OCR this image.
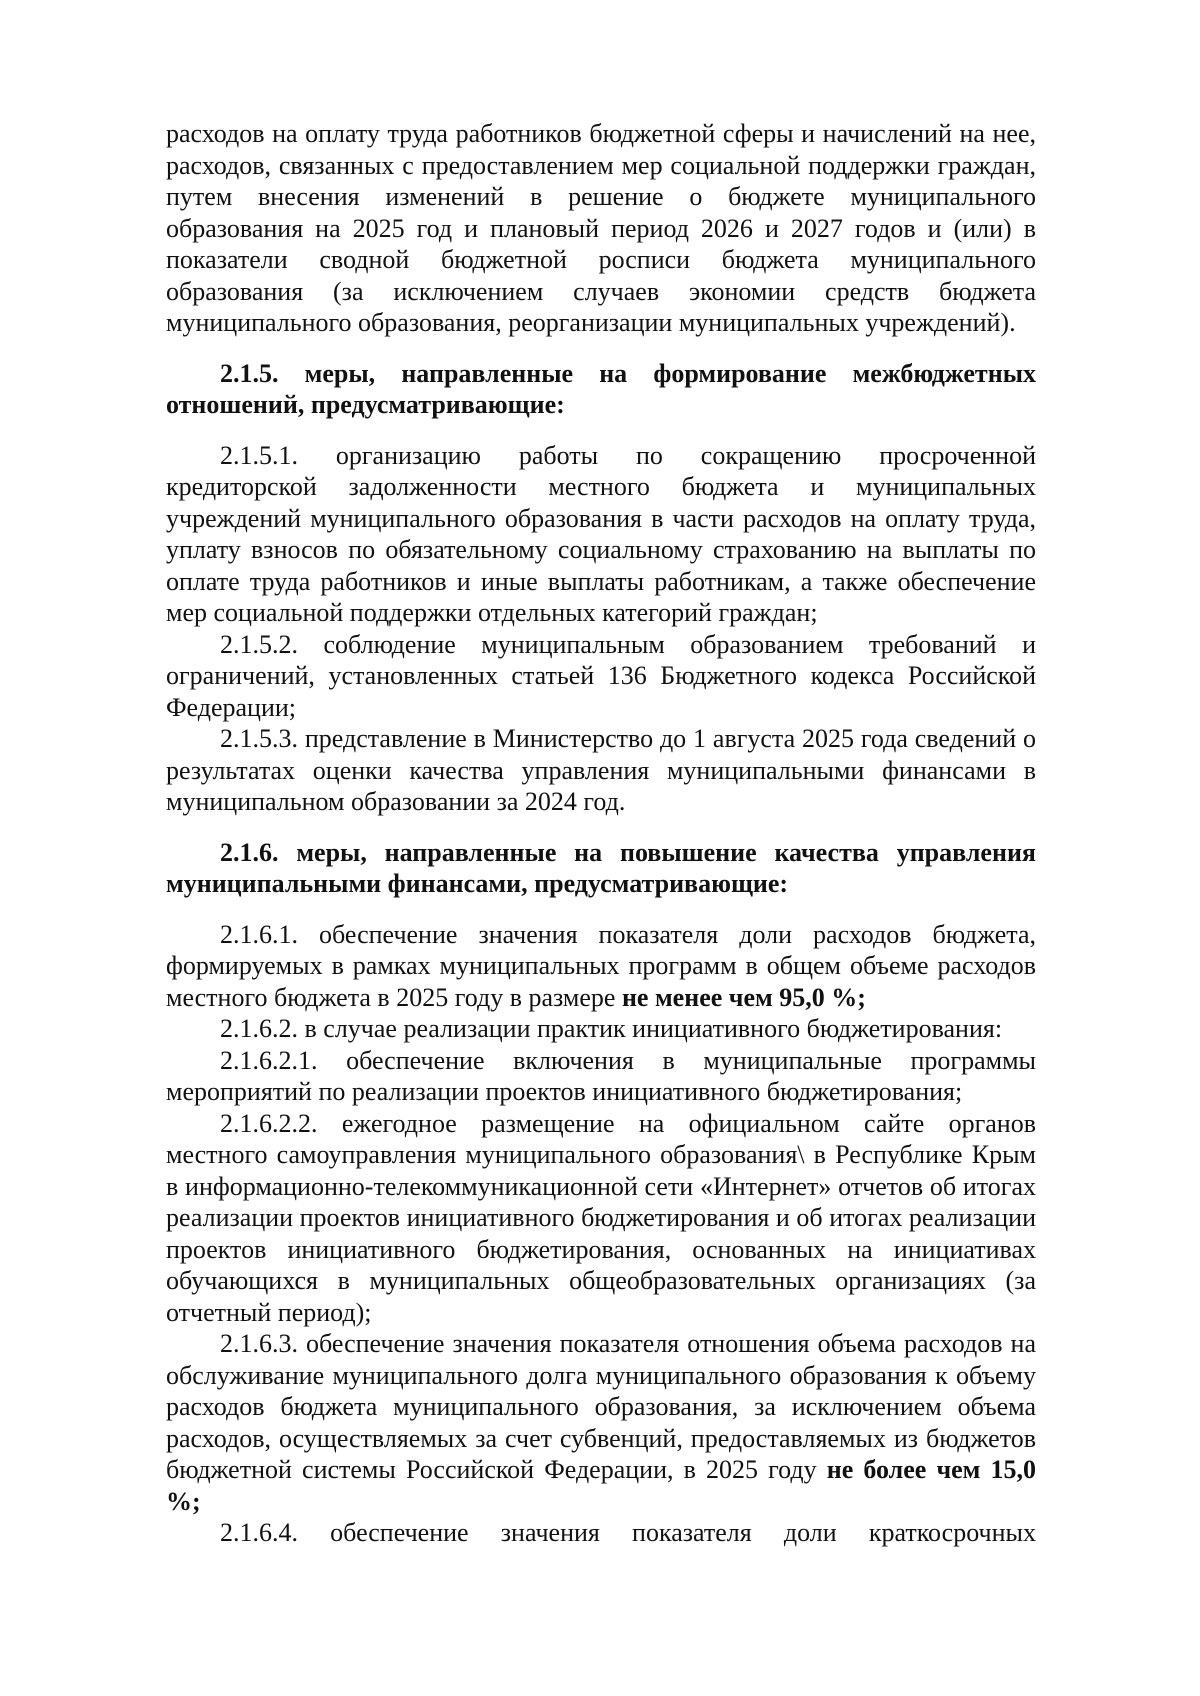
расходов на оплату труда работников бюджетной сферы и начислений на нее, расходов, связанных с предоставлением мер социальной поддержки граждан, путем внесения изменений в решение о бюджете муниципального образования на 2025 год и плановый период 2026 и 2027 годов и (или) в показатели сводной бюджетной росписи бюджета муниципального образования (за исключением случаев экономии средств бюджета муниципального образования, реорганизации муниципальных учреждений).

2.1.5. меры, направленные на формирование межбюджетных отношений, предусматривающие:

2.1.5.1. организацию работы по сокращению просроченной кредиторской задолженности местного бюджета и муниципальных учреждений муниципального образования в части расходов на оплату труда, уплату взносов по обязательному социальному страхованию на выплаты по оплате труда работников и иные выплаты работникам, а также обеспечение мер социальной поддержки отдельных категорий граждан;

2.1.5.2. соблюдение муниципальным образованием требований и ограничений, установленных статьей 136 Бюджетного кодекса Российской Федерации;

2.1.5.3. представление в Министерство до 1 августа 2025 года сведений о результатах оценки качества управления муниципальными финансами в муниципальном образовании за 2024 год.

2.1.6. меры, направленные на повышение качества управления муниципальными финансами, предусматривающие:

2.1.6.1. обеспечение значения показателя доли расходов бюджета, формируемых в рамках муниципальных программ в общем объеме расходов местного бюджета в 2025 году в размере не менее чем 95,0 %;

2.1.6.2. в случае реализации практик инициативного бюджетирования:

2.1.6.2.1. обеспечение включения в муниципальные программы мероприятий по реализации проектов инициативного бюджетирования;

2.1.6.2.2. ежегодное размещение на официальном сайте органов местного самоуправления муниципального образования\ в Республике Крым в информационно-телекоммуникационной сети «Интернет» отчетов об итогах реализации проектов инициативного бюджетирования и об итогах реализации проектов инициативного бюджетирования, основанных на инициативах обучающихся в муниципальных общеобразовательных организациях (за отчетный период);

2.1.6.3. обеспечение значения показателя отношения объема расходов на обслуживание муниципального долга муниципального образования к объему расходов бюджета муниципального образования, за исключением объема расходов, осуществляемых за счет субвенций, предоставляемых из бюджетов бюджетной системы Российской Федерации, в 2025 году не более чем 15,0 %;

2.1.6.4. обеспечение значения показателя доли краткосрочных
